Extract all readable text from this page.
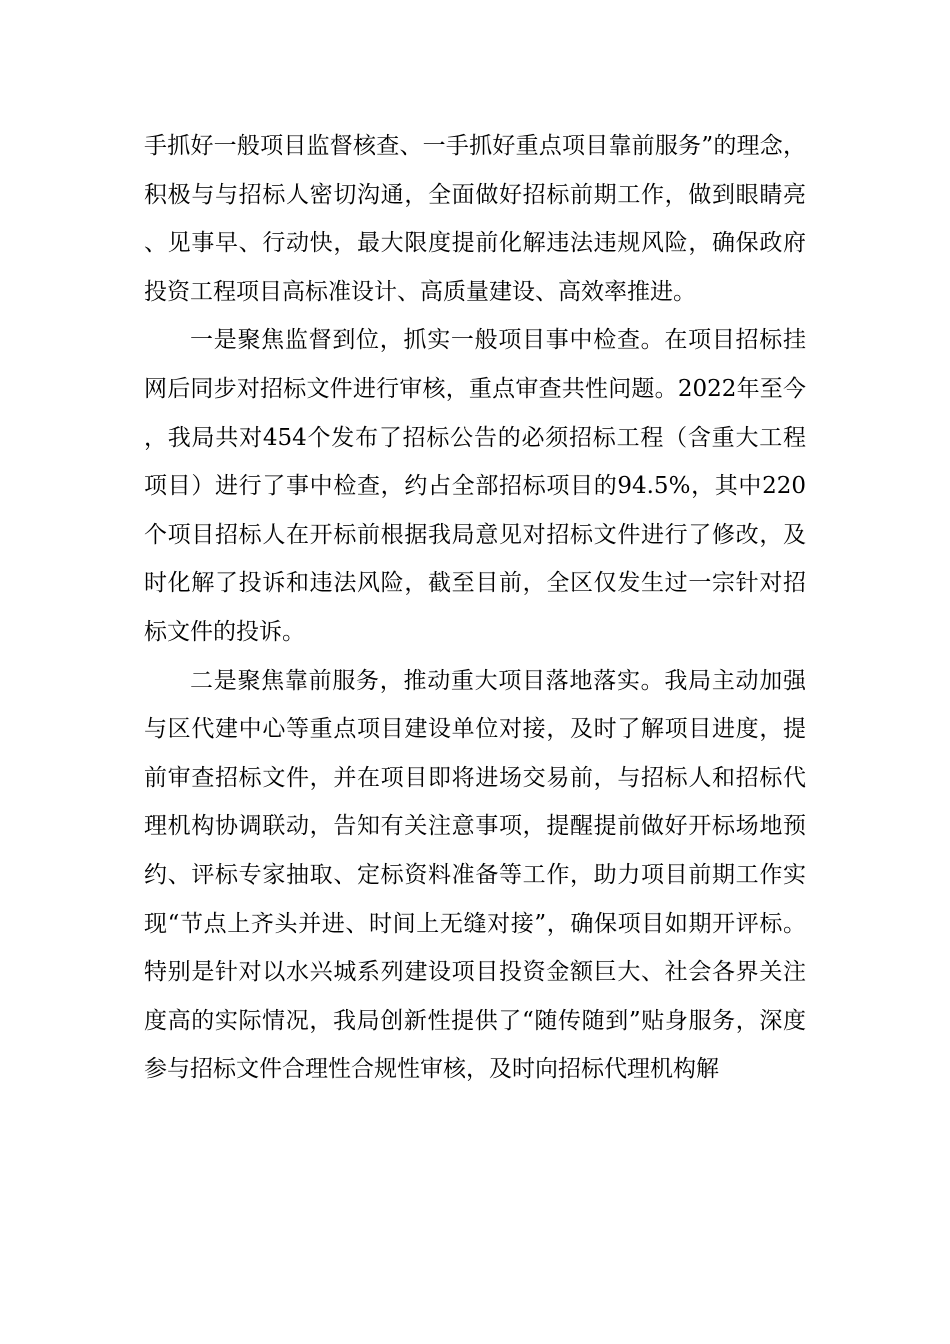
手抓好一般项目监督核查、一手抓好重点项目靠前服务”的理念，积极与与招标人密切沟通，全面做好招标前期工作，做到眼睛亮、见事早、行动快，最大限度提前化解违法违规风险，确保政府投资工程项目高标准设计、高质量建设、高效率推进。

一是聚焦监督到位，抓实一般项目事中检查。在项目招标挂网后同步对招标文件进行审核，重点审查共性问题。2022年至今，我局共对454个发布了招标公告的必须招标工程（含重大工程项目）进行了事中检查，约占全部招标项目的94.5%，其中220个项目招标人在开标前根据我局意见对招标文件进行了修改，及时化解了投诉和违法风险，截至目前，全区仅发生过一宗针对招标文件的投诉。

二是聚焦靠前服务，推动重大项目落地落实。我局主动加强与区代建中心等重点项目建设单位对接，及时了解项目进度，提前审查招标文件，并在项目即将进场交易前，与招标人和招标代理机构协调联动，告知有关注意事项，提醒提前做好开标场地预约、评标专家抽取、定标资料准备等工作，助力项目前期工作实现“节点上齐头并进、时间上无缝对接”，确保项目如期开评标。特别是针对以水兴城系列建设项目投资金额巨大、社会各界关注度高的实际情况，我局创新性提供了“随传随到”贴身服务，深度参与招标文件合理性合规性审核，及时向招标代理机构解
